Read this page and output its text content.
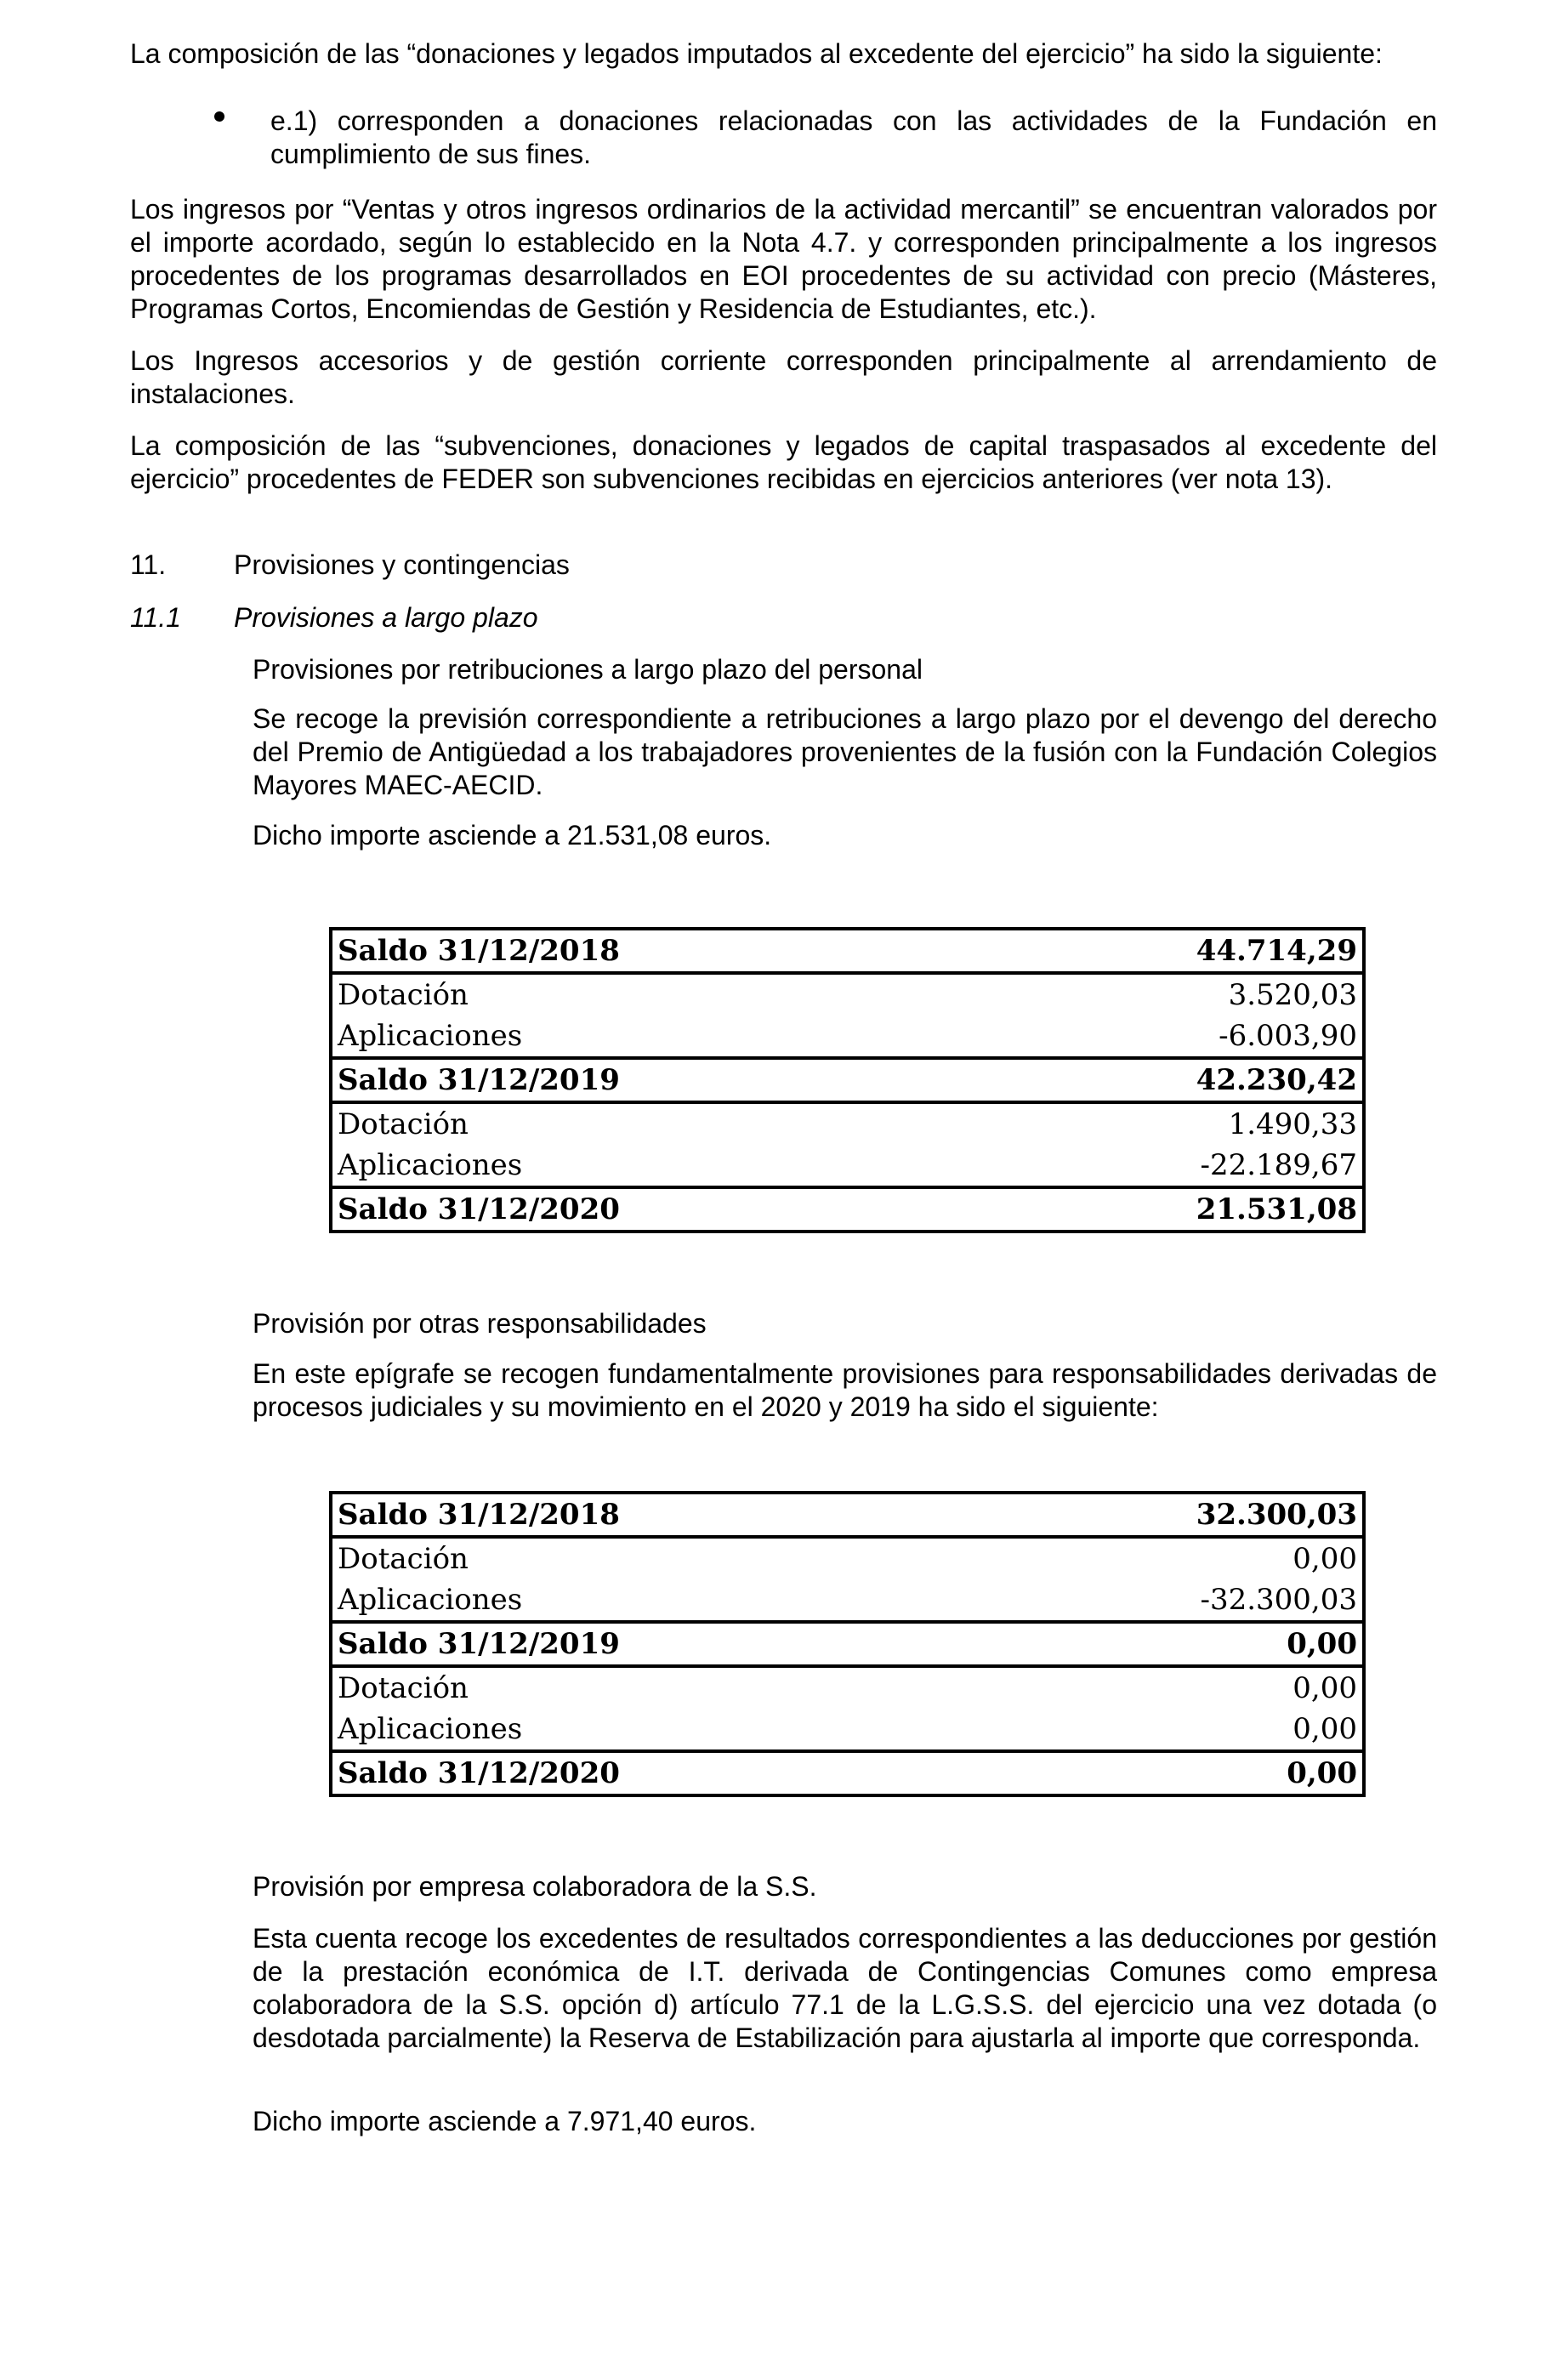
La composición de las “donaciones y legados imputados al excedente del ejercicio” ha sido la siguiente:

e.1) corresponden a donaciones relacionadas con las actividades de la Fundación en cumplimiento de sus fines.

Los ingresos por “Ventas y otros ingresos ordinarios de la actividad mercantil” se encuentran valorados por el importe acordado, según lo establecido en la Nota 4.7. y corresponden principalmente a los ingresos procedentes de los programas desarrollados en EOI procedentes de su actividad con precio (Másteres, Programas Cortos, Encomiendas de Gestión y Residencia de Estudiantes, etc.).

Los Ingresos accesorios y de gestión corriente corresponden principalmente al arrendamiento de instalaciones.

La composición de las “subvenciones, donaciones y legados de capital traspasados al excedente del ejercicio” procedentes de FEDER son subvenciones recibidas en ejercicios anteriores (ver nota 13).

11. Provisiones y contingencias
11.1 Provisiones a largo plazo

Provisiones por retribuciones a largo plazo del personal

Se recoge la previsión correspondiente a retribuciones a largo plazo por el devengo del derecho del Premio de Antigüedad a los trabajadores provenientes de la fusión con la Fundación Colegios Mayores MAEC-AECID.

Dicho importe asciende a 21.531,08 euros.

Saldo 31/12/2018	44.714,29
Dotación	3.520,03
Aplicaciones	-6.003,90
Saldo 31/12/2019	42.230,42
Dotación	1.490,33
Aplicaciones	-22.189,67
Saldo 31/12/2020	21.531,08

Provisión por otras responsabilidades

En este epígrafe se recogen fundamentalmente provisiones para responsabilidades derivadas de procesos judiciales y su movimiento en el 2020 y 2019 ha sido el siguiente:

Saldo 31/12/2018	32.300,03
Dotación	0,00
Aplicaciones	-32.300,03
Saldo 31/12/2019	0,00
Dotación	0,00
Aplicaciones	0,00
Saldo 31/12/2020	0,00

Provisión por empresa colaboradora de la S.S.

Esta cuenta recoge los excedentes de resultados correspondientes a las deducciones por gestión de la prestación económica de I.T. derivada de Contingencias Comunes como empresa colaboradora de la S.S. opción d) artículo 77.1 de la L.G.S.S. del ejercicio una vez dotada (o desdotada parcialmente) la Reserva de Estabilización para ajustarla al importe que corresponda.

Dicho importe asciende a 7.971,40 euros.
